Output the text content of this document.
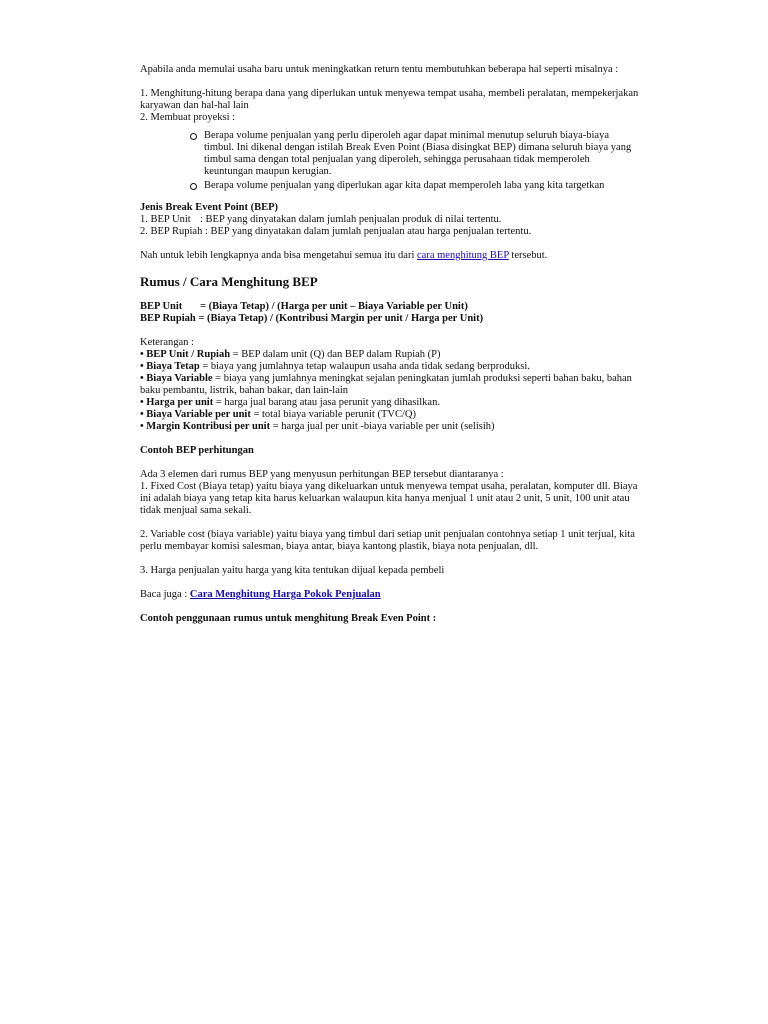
Apabila anda memulai usaha baru untuk meningkatkan return tentu membutuhkan beberapa hal seperti misalnya :

1. Menghitung-hitung berapa dana yang diperlukan untuk menyewa tempat usaha, membeli peralatan, mempekerjakan karyawan dan hal-hal lain

2. Membuat proyeksi :

Berapa volume penjualan yang perlu diperoleh agar dapat minimal menutup seluruh biaya-biaya timbul. Ini dikenal dengan istilah Break Even Point (Biasa disingkat BEP) dimana seluruh biaya yang timbul sama dengan total penjualan yang diperoleh, sehingga perusahaan tidak memperoleh keuntungan maupun kerugian.
Berapa volume penjualan yang diperlukan agar kita dapat memperoleh laba yang kita targetkan

Jenis Break Event Point (BEP)

1. BEP Unit : BEP yang dinyatakan dalam jumlah penjualan produk di nilai tertentu.

2. BEP Rupiah : BEP yang dinyatakan dalam jumlah penjualan atau harga penjualan tertentu.

Nah untuk lebih lengkapnya anda bisa mengetahui semua itu dari cara menghitung BEP tersebut.

Rumus / Cara Menghitung BEP

BEP Unit = (Biaya Tetap) / (Harga per unit – Biaya Variable per Unit)

BEP Rupiah = (Biaya Tetap) / (Kontribusi Margin per unit / Harga per Unit)

Keterangan :

• BEP Unit / Rupiah = BEP dalam unit (Q) dan BEP dalam Rupiah (P)

• Biaya Tetap = biaya yang jumlahnya tetap walaupun usaha anda tidak sedang berproduksi.

• Biaya Variable = biaya yang jumlahnya meningkat sejalan peningkatan jumlah produksi seperti bahan baku, bahan baku pembantu, listrik, bahan bakar, dan lain-lain

• Harga per unit = harga jual barang atau jasa perunit yang dihasilkan.

• Biaya Variable per unit = total biaya variable perunit (TVC/Q)

• Margin Kontribusi per unit = harga jual per unit -biaya variable per unit (selisih)

Contoh BEP perhitungan

Ada 3 elemen dari rumus BEP yang menyusun perhitungan BEP tersebut diantaranya :

1. Fixed Cost (Biaya tetap) yaitu biaya yang dikeluarkan untuk menyewa tempat usaha, peralatan, komputer dll. Biaya ini adalah biaya yang tetap kita harus keluarkan walaupun kita hanya menjual 1 unit atau 2 unit, 5 unit, 100 unit atau tidak menjual sama sekali.

2. Variable cost (biaya variable) yaitu biaya yang timbul dari setiap unit penjualan contohnya setiap 1 unit terjual, kita perlu membayar komisi salesman, biaya antar, biaya kantong plastik, biaya nota penjualan, dll.

3. Harga penjualan yaitu harga yang kita tentukan dijual kepada pembeli

Baca juga : Cara Menghitung Harga Pokok Penjualan

Contoh penggunaan rumus untuk menghitung Break Even Point :
